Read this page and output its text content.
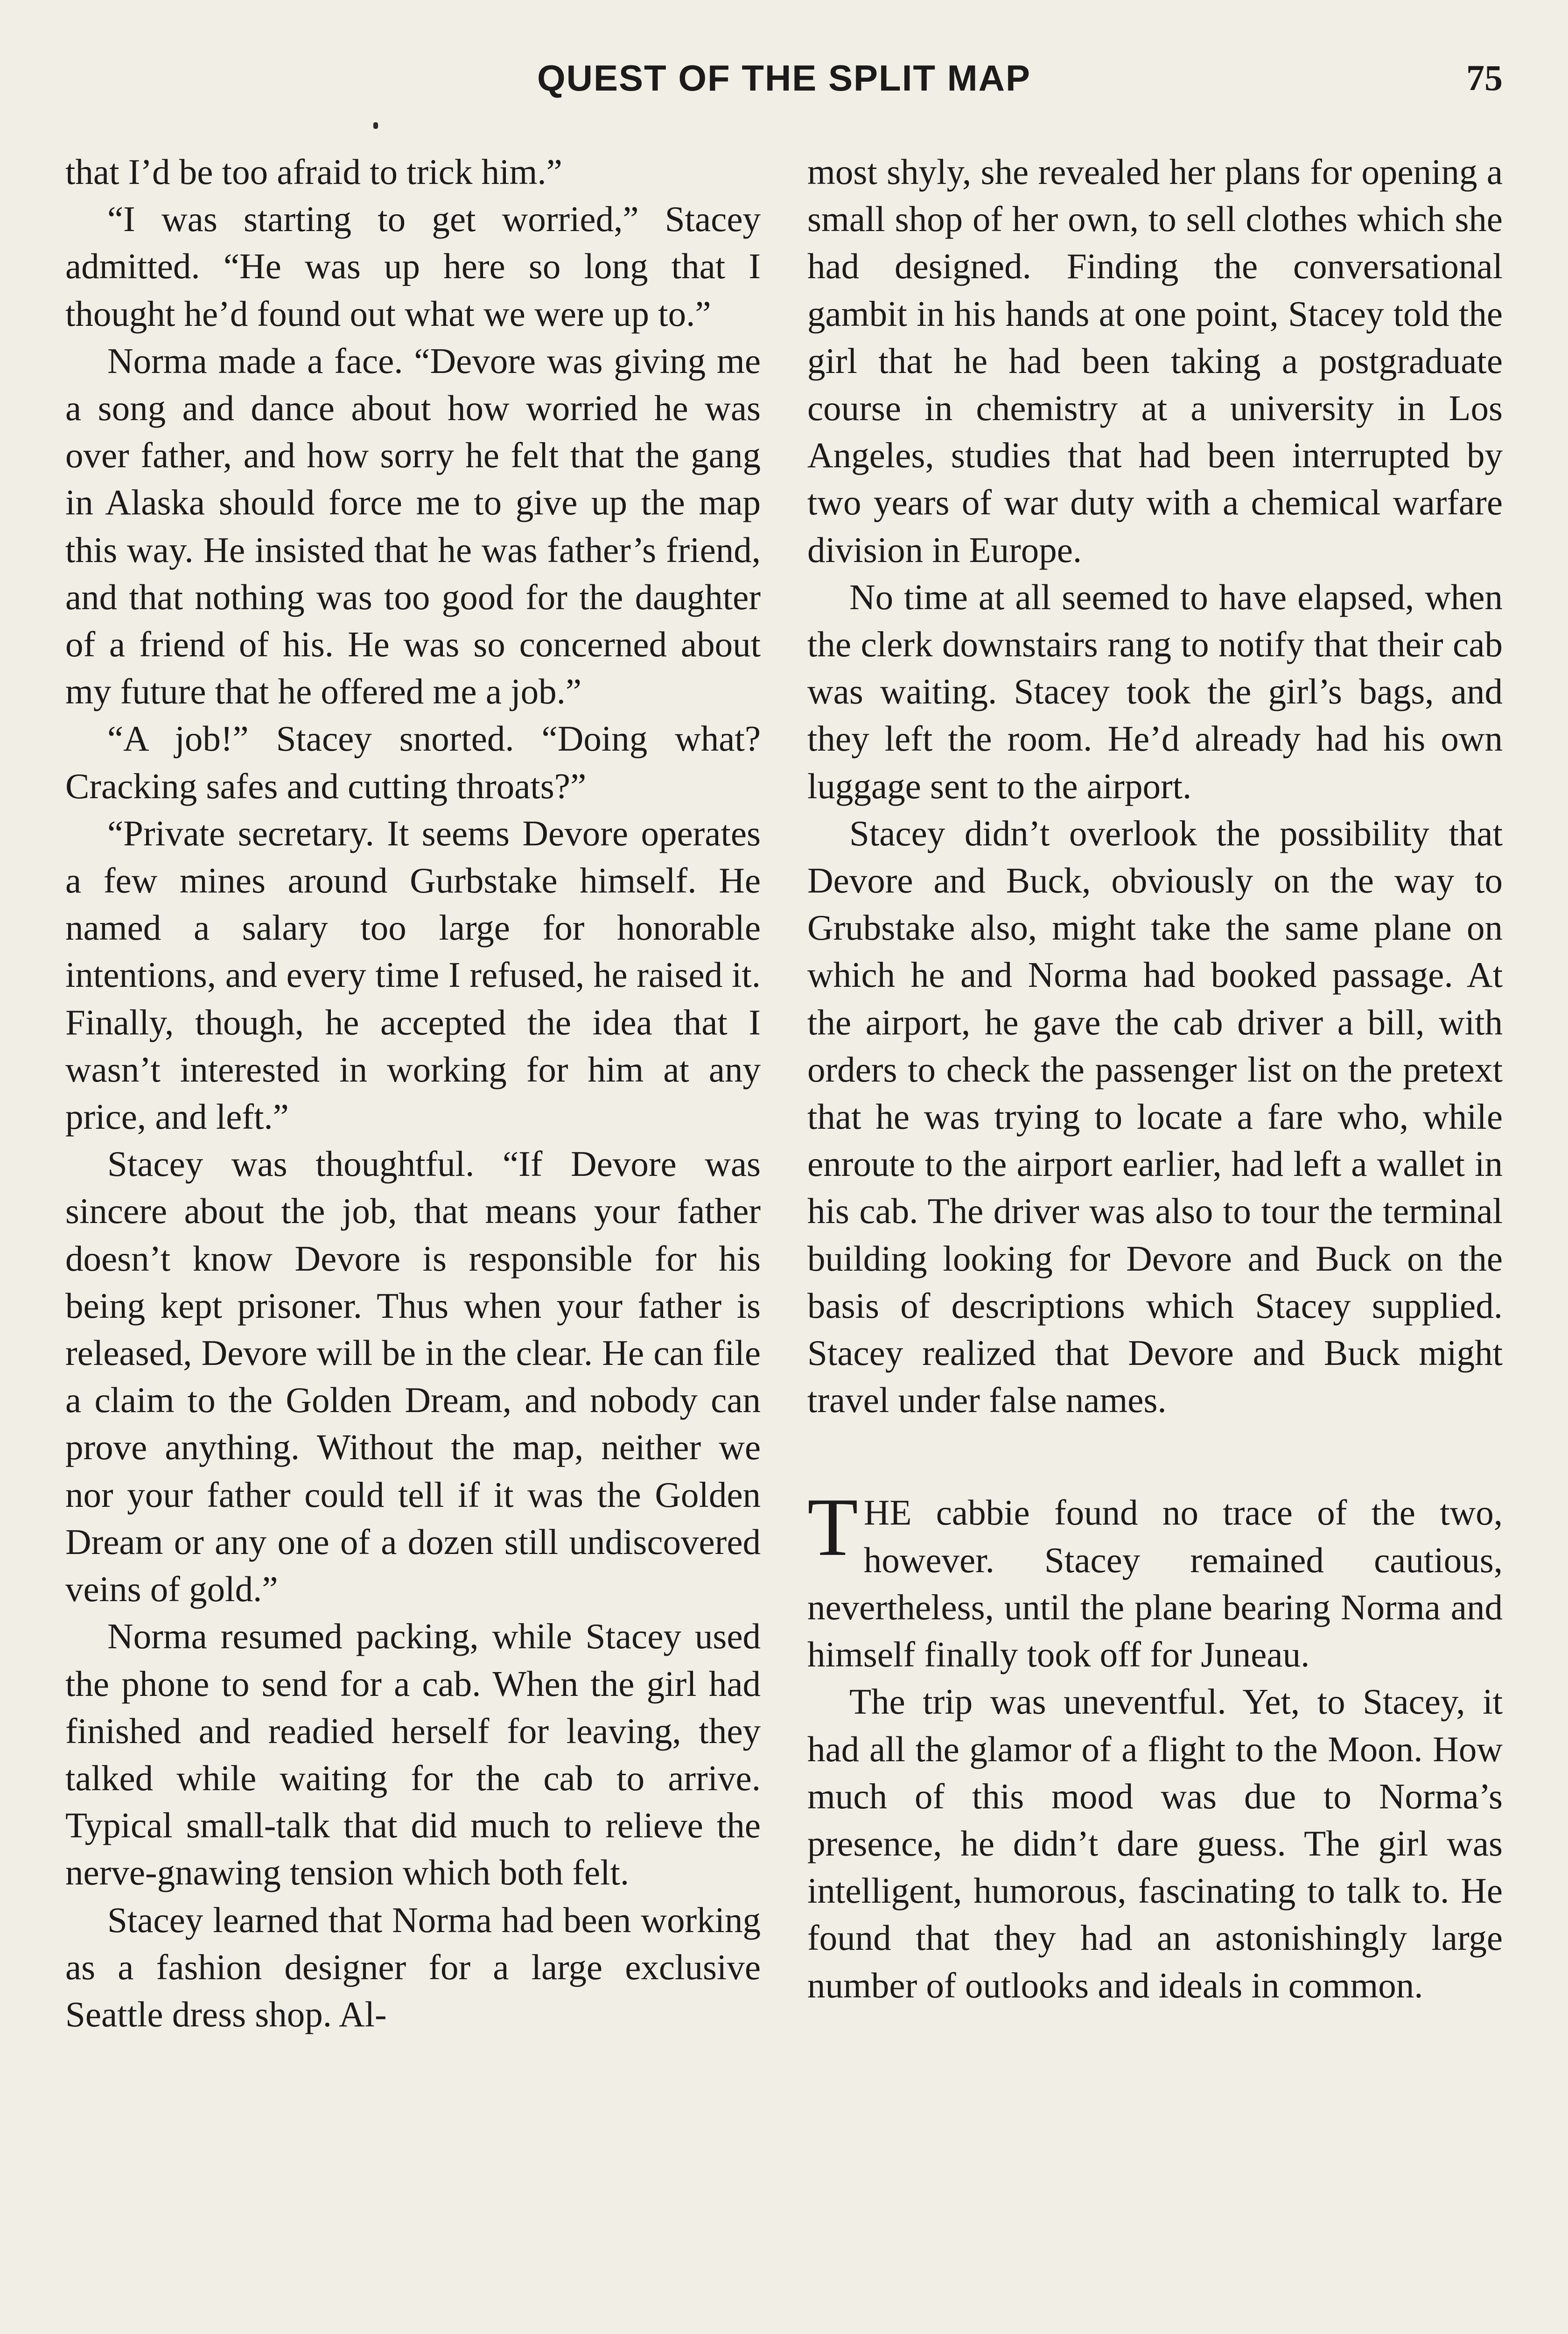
QUEST OF THE SPLIT MAP	75

that I’d be too afraid to trick him.”

“I was starting to get worried,” Stacey admitted. “He was up here so long that I thought he’d found out what we were up to.”

Norma made a face. “Devore was giving me a song and dance about how worried he was over father, and how sorry he felt that the gang in Alaska should force me to give up the map this way. He insisted that he was father’s friend, and that nothing was too good for the daughter of a friend of his. He was so concerned about my future that he offered me a job.”

“A job!” Stacey snorted. “Doing what? Cracking safes and cutting throats?”

“Private secretary. It seems Devore operates a few mines around Gurbstake himself. He named a salary too large for honorable intentions, and every time I refused, he raised it. Finally, though, he accepted the idea that I wasn’t interested in working for him at any price, and left.”

Stacey was thoughtful. “If Devore was sincere about the job, that means your father doesn’t know Devore is responsible for his being kept prisoner. Thus when your father is released, Devore will be in the clear. He can file a claim to the Golden Dream, and nobody can prove anything. Without the map, neither we nor your father could tell if it was the Golden Dream or any one of a dozen still undiscovered veins of gold.”

Norma resumed packing, while Stacey used the phone to send for a cab. When the girl had finished and readied herself for leaving, they talked while waiting for the cab to arrive. Typical small-talk that did much to relieve the nerve-gnawing tension which both felt.

Stacey learned that Norma had been working as a fashion designer for a large exclusive Seattle dress shop. Al-

most shyly, she revealed her plans for opening a small shop of her own, to sell clothes which she had designed. Finding the conversational gambit in his hands at one point, Stacey told the girl that he had been taking a postgraduate course in chemistry at a university in Los Angeles, studies that had been interrupted by two years of war duty with a chemical warfare division in Europe.

No time at all seemed to have elapsed, when the clerk downstairs rang to notify that their cab was waiting. Stacey took the girl’s bags, and they left the room. He’d already had his own luggage sent to the airport.

Stacey didn’t overlook the possibility that Devore and Buck, obviously on the way to Grubstake also, might take the same plane on which he and Norma had booked passage. At the airport, he gave the cab driver a bill, with orders to check the passenger list on the pretext that he was trying to locate a fare who, while enroute to the airport earlier, had left a wallet in his cab. The driver was also to tour the terminal building looking for Devore and Buck on the basis of descriptions which Stacey supplied. Stacey realized that Devore and Buck might travel under false names.

THE cabbie found no trace of the two, however. Stacey remained cautious, nevertheless, until the plane bearing Norma and himself finally took off for Juneau.

The trip was uneventful. Yet, to Stacey, it had all the glamor of a flight to the Moon. How much of this mood was due to Norma’s presence, he didn’t dare guess. The girl was intelligent, humorous, fascinating to talk to. He found that they had an astonishingly large number of outlooks and ideals in common.
